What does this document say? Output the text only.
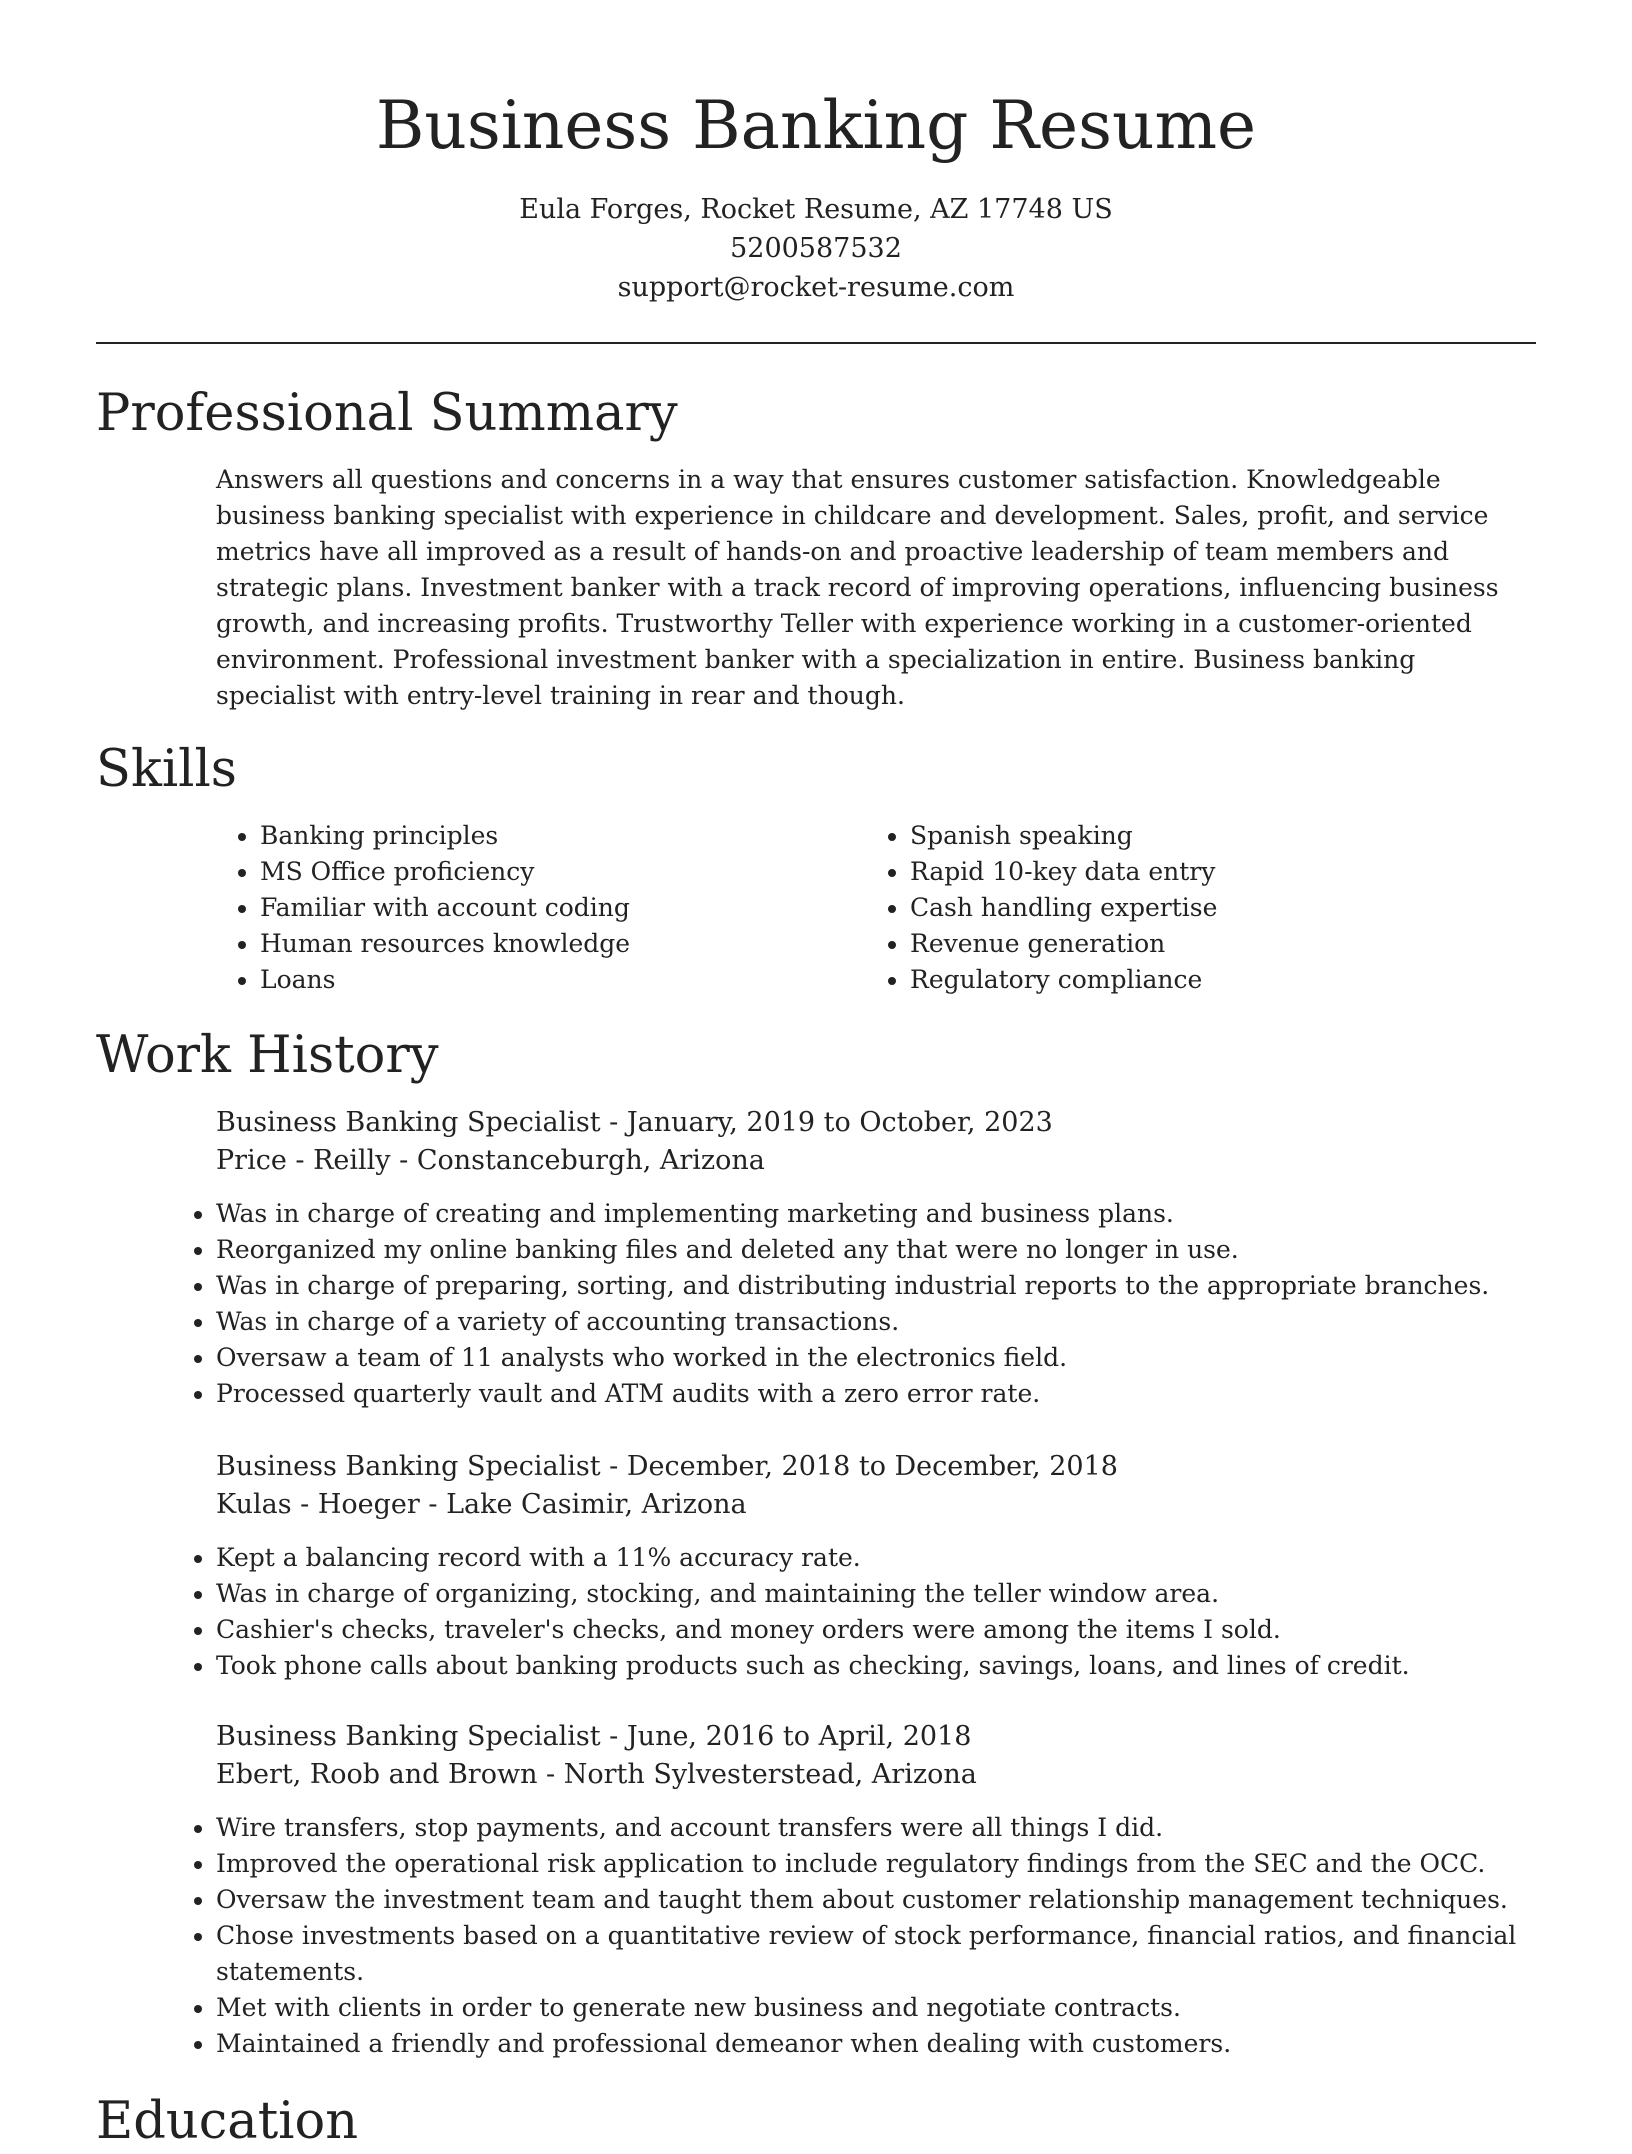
Business Banking Resume
Eula Forges, Rocket Resume, AZ 17748 US
5200587532
support@rocket-resume.com
Professional Summary

Answers all questions and concerns in a way that ensures customer satisfaction. Knowledgeable business banking specialist with experience in childcare and development. Sales, profit, and service metrics have all improved as a result of hands-on and proactive leadership of team members and strategic plans. Investment banker with a track record of improving operations, influencing business growth, and increasing profits. Trustworthy Teller with experience working in a customer-oriented environment. Professional investment banker with a specialization in entire. Business banking specialist with entry-level training in rear and though.

Skills
• Banking principles
• MS Office proficiency
• Familiar with account coding
• Human resources knowledge
• Loans
• Spanish speaking
• Rapid 10-key data entry
• Cash handling expertise
• Revenue generation
• Regulatory compliance
Work History
Business Banking Specialist - January, 2019 to October, 2023
Price - Reilly - Constanceburgh, Arizona
• Was in charge of creating and implementing marketing and business plans.
• Reorganized my online banking files and deleted any that were no longer in use.
• Was in charge of preparing, sorting, and distributing industrial reports to the appropriate branches.
• Was in charge of a variety of accounting transactions.
• Oversaw a team of 11 analysts who worked in the electronics field.
• Processed quarterly vault and ATM audits with a zero error rate.
Business Banking Specialist - December, 2018 to December, 2018
Kulas - Hoeger - Lake Casimir, Arizona
• Kept a balancing record with a 11% accuracy rate.
• Was in charge of organizing, stocking, and maintaining the teller window area.
• Cashier's checks, traveler's checks, and money orders were among the items I sold.
• Took phone calls about banking products such as checking, savings, loans, and lines of credit.
Business Banking Specialist - June, 2016 to April, 2018
Ebert, Roob and Brown - North Sylvesterstead, Arizona
• Wire transfers, stop payments, and account transfers were all things I did.
• Improved the operational risk application to include regulatory findings from the SEC and the OCC.
• Oversaw the investment team and taught them about customer relationship management techniques.
• Chose investments based on a quantitative review of stock performance, financial ratios, and financial statements.
• Met with clients in order to generate new business and negotiate contracts.
• Maintained a friendly and professional demeanor when dealing with customers.
Education
